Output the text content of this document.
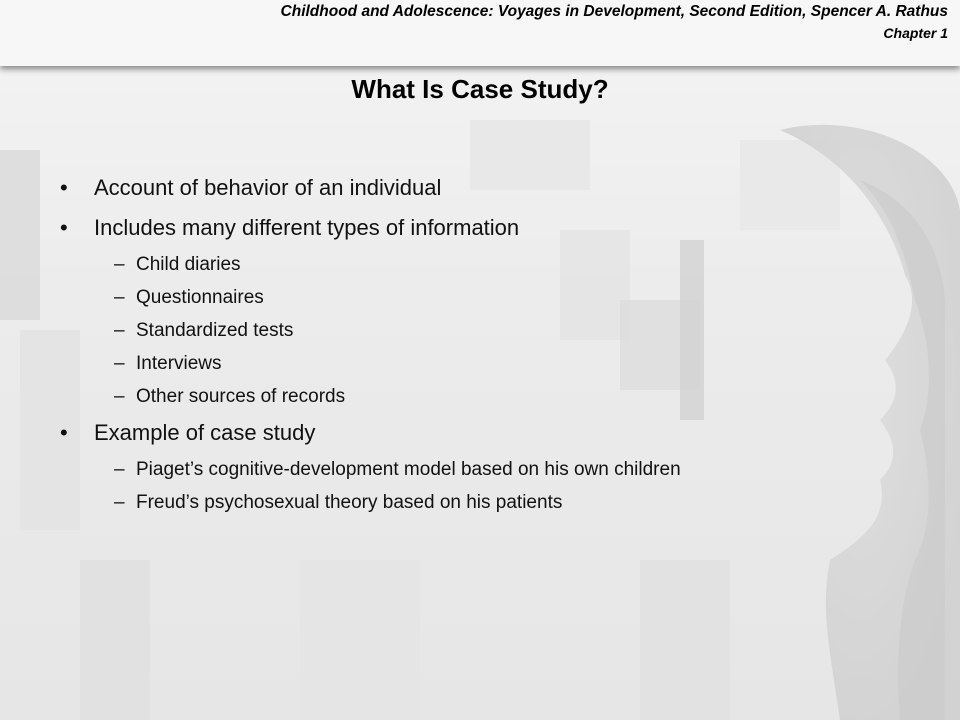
Childhood and Adolescence: Voyages in Development, Second Edition, Spencer A. Rathus
Chapter 1
What Is Case Study?
• Account of behavior of an individual
• Includes many different types of information
– Child diaries
– Questionnaires
– Standardized tests
– Interviews
– Other sources of records
• Example of case study
– Piaget’s cognitive-development model based on his own children
– Freud’s psychosexual theory based on his patients
